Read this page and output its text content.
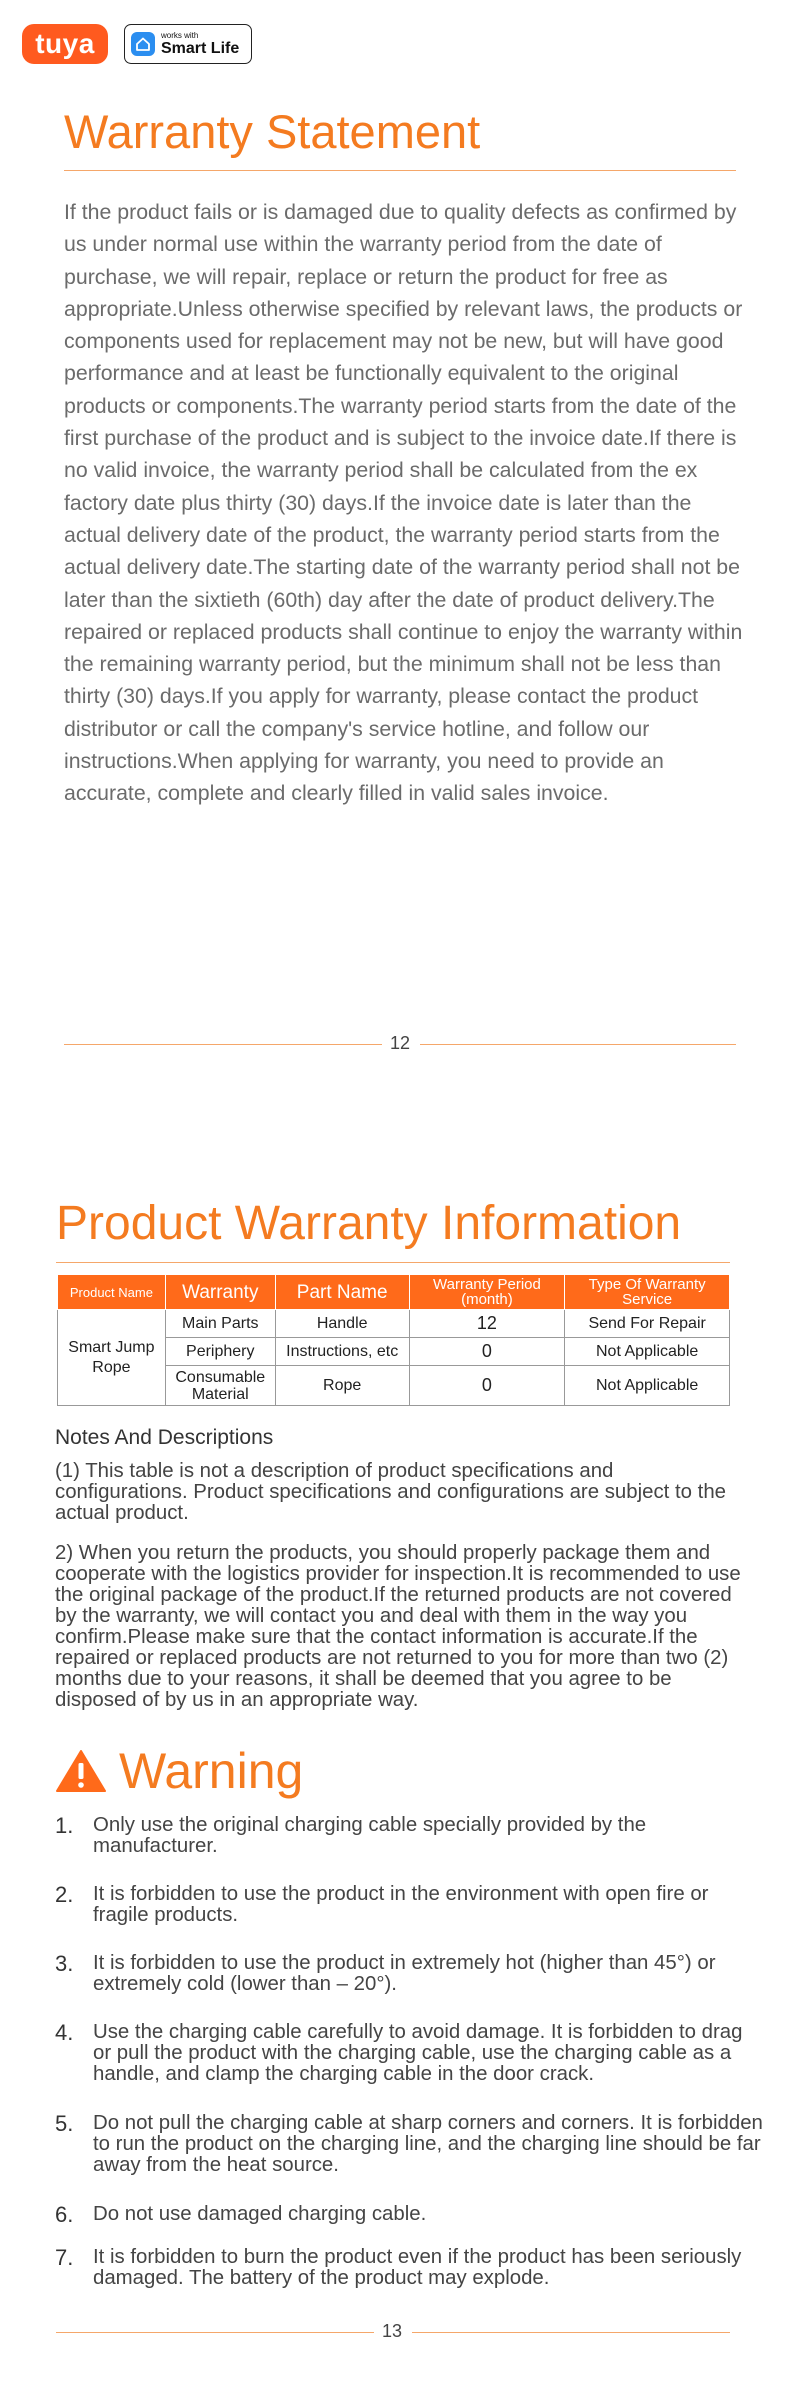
tuya	works with
Smart Life
Warranty Statement
If the product fails or is damaged due to quality defects as confirmed by us under normal use within the warranty period from the date of purchase, we will repair, replace or return the product for free as appropriate.Unless otherwise specified by relevant laws, the products or components used for replacement may not be new, but will have good performance and at least be functionally equivalent to the original products or components.The warranty period starts from the date of the first purchase of the product and is subject to the invoice date.If there is no valid invoice, the warranty period shall be calculated from the ex factory date plus thirty (30) days.If the invoice date is later than the actual delivery date of the product, the warranty period starts from the actual delivery date.The starting date of the warranty period shall not be later than the sixtieth (60th) day after the date of product delivery.The repaired or replaced products shall continue to enjoy the warranty within the remaining warranty period, but the minimum shall not be less than thirty (30) days.If you apply for warranty, please contact the product distributor or call the company's service hotline, and follow our instructions.When applying for warranty, you need to provide an accurate, complete and clearly filled in valid sales invoice.
12
Product Warranty Information
Product Name	Warranty	Part Name	Warranty Period (month)	Type Of Warranty Service
Smart Jump Rope	Main Parts	Handle	12	Send For Repair
	Periphery	Instructions, etc	0	Not Applicable
	Consumable Material	Rope	0	Not Applicable
Notes And Descriptions
(1) This table is not a description of product specifications and configurations. Product specifications and configurations are subject to the actual product.
2) When you return the products, you should properly package them and cooperate with the logistics provider for inspection.It is recommended to use the original package of the product.If the returned products are not covered by the warranty, we will contact you and deal with them in the way you confirm.Please make sure that the contact information is accurate.If the repaired or replaced products are not returned to you for more than two (2) months due to your reasons, it shall be deemed that you agree to be disposed of by us in an appropriate way.
Warning
1. Only use the original charging cable specially provided by the manufacturer.
2. It is forbidden to use the product in the environment with open fire or fragile products.
3. It is forbidden to use the product in extremely hot (higher than 45°) or extremely cold (lower than – 20°).
4. Use the charging cable carefully to avoid damage. It is forbidden to drag or pull the product with the charging cable, use the charging cable as a handle, and clamp the charging cable in the door crack.
5. Do not pull the charging cable at sharp corners and corners. It is forbidden to run the product on the charging line, and the charging line should be far away from the heat source.
6. Do not use damaged charging cable.
7. It is forbidden to burn the product even if the product has been seriously damaged. The battery of the product may explode.
13
